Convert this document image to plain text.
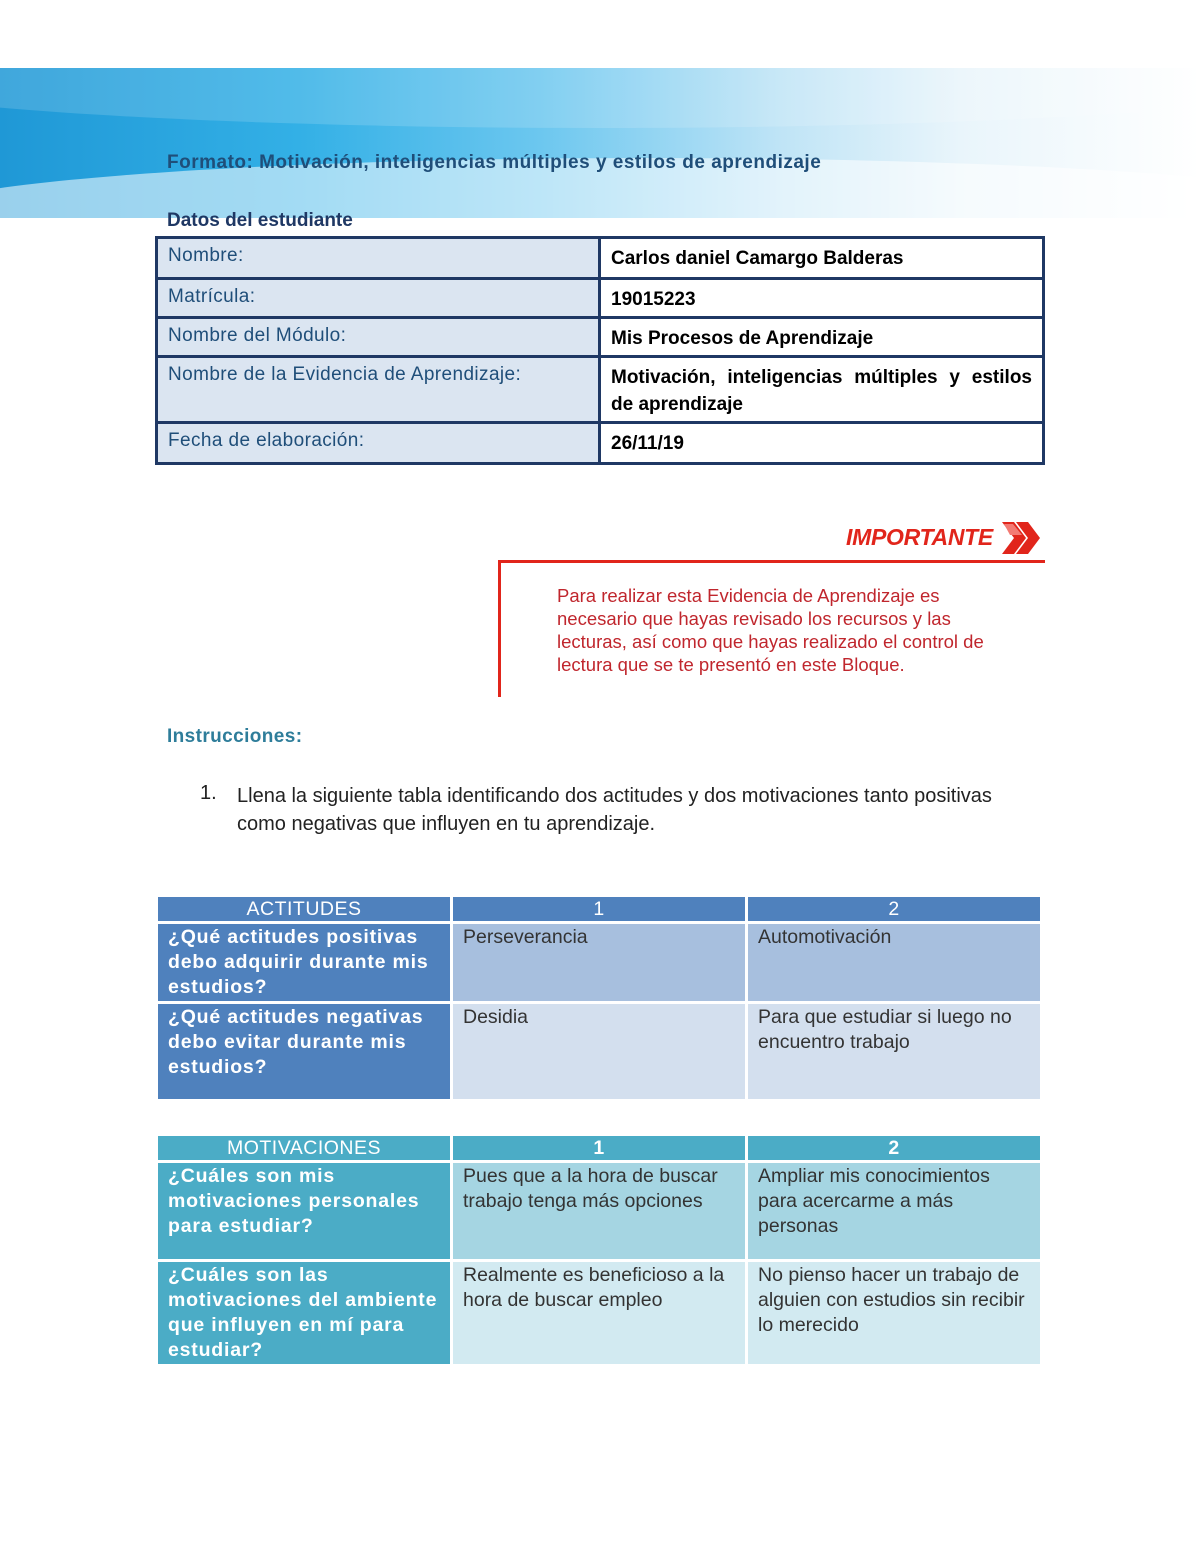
Formato: Motivación, inteligencias múltiples y estilos de aprendizaje
Datos del estudiante
Nombre:	Carlos daniel Camargo Balderas
Matrícula:	19015223
Nombre del Módulo:	Mis Procesos de Aprendizaje
Nombre de la Evidencia de Aprendizaje:	Motivación, inteligencias múltiples y estilos de aprendizaje
Fecha de elaboración:	26/11/19
IMPORTANTE
Para realizar esta Evidencia de Aprendizaje es necesario que hayas revisado los recursos y las lecturas, así como que hayas realizado el control de lectura que se te presentó en este Bloque.
Instrucciones:
1. Llena la siguiente tabla identificando dos actitudes y dos motivaciones tanto positivas como negativas que influyen en tu aprendizaje.
ACTITUDES	1	2
¿Qué actitudes positivas debo adquirir durante mis estudios?	Perseverancia	Automotivación
¿Qué actitudes negativas debo evitar durante mis estudios?	Desidia	Para que estudiar si luego no encuentro trabajo
MOTIVACIONES	1	2
¿Cuáles son mis motivaciones personales para estudiar?	Pues que a la hora de buscar trabajo tenga más opciones	Ampliar mis conocimientos para acercarme a más personas
¿Cuáles son las motivaciones del ambiente que influyen en mí para estudiar?	Realmente es beneficioso a la hora de buscar empleo	No pienso hacer un trabajo de alguien con estudios sin recibir lo merecido
